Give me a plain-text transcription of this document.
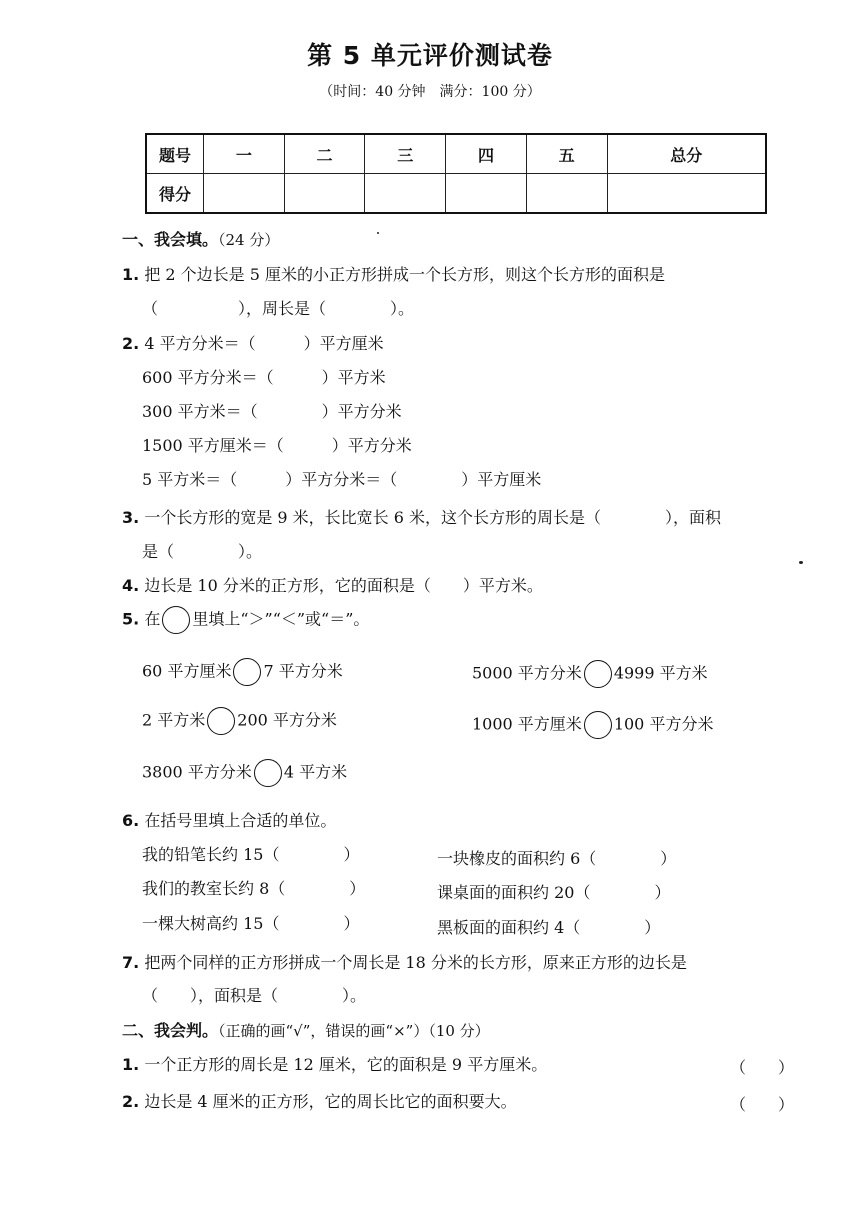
第 5 单元评价测试卷
（时间：40 分钟　满分：100 分）
题号	一	二	三	四	五	总分
得分						
一、我会填。（24 分）
1. 把 2 个边长是 5 厘米的小正方形拼成一个长方形，则这个长方形的面积是
（　　　　　），周长是（　　　　）。
2. 4 平方分米＝（　　　）平方厘米
600 平方分米＝（　　　）平方米
300 平方米＝（　　　　）平方分米
1500 平方厘米＝（　　　）平方分米
5 平方米＝（　　　）平方分米＝（　　　　）平方厘米
3. 一个长方形的宽是 9 米，长比宽长 6 米，这个长方形的周长是（　　　　），面积
是（　　　　）。
4. 边长是 10 分米的正方形，它的面积是（　　）平方米。
5. 在 里填上“＞”“＜”或“＝”。
60 平方厘米 7 平方分米	5000 平方分米 4999 平方米
2 平方米 200 平方分米	1000 平方厘米 100 平方分米
3800 平方分米 4 平方米
6. 在括号里填上合适的单位。
我的铅笔长约 15（　　　　）	一块橡皮的面积约 6（　　　　）
我们的教室长约 8（　　　　）	课桌面的面积约 20（　　　　）
一棵大树高约 15（　　　　）	黑板面的面积约 4（　　　　）
7. 把两个同样的正方形拼成一个周长是 18 分米的长方形，原来正方形的边长是
（　　），面积是（　　　　）。
二、我会判。（正确的画“√”，错误的画“×”）（10 分）
1. 一个正方形的周长是 12 厘米，它的面积是 9 平方厘米。	（　　）
2. 边长是 4 厘米的正方形，它的周长比它的面积要大。	（　　）
